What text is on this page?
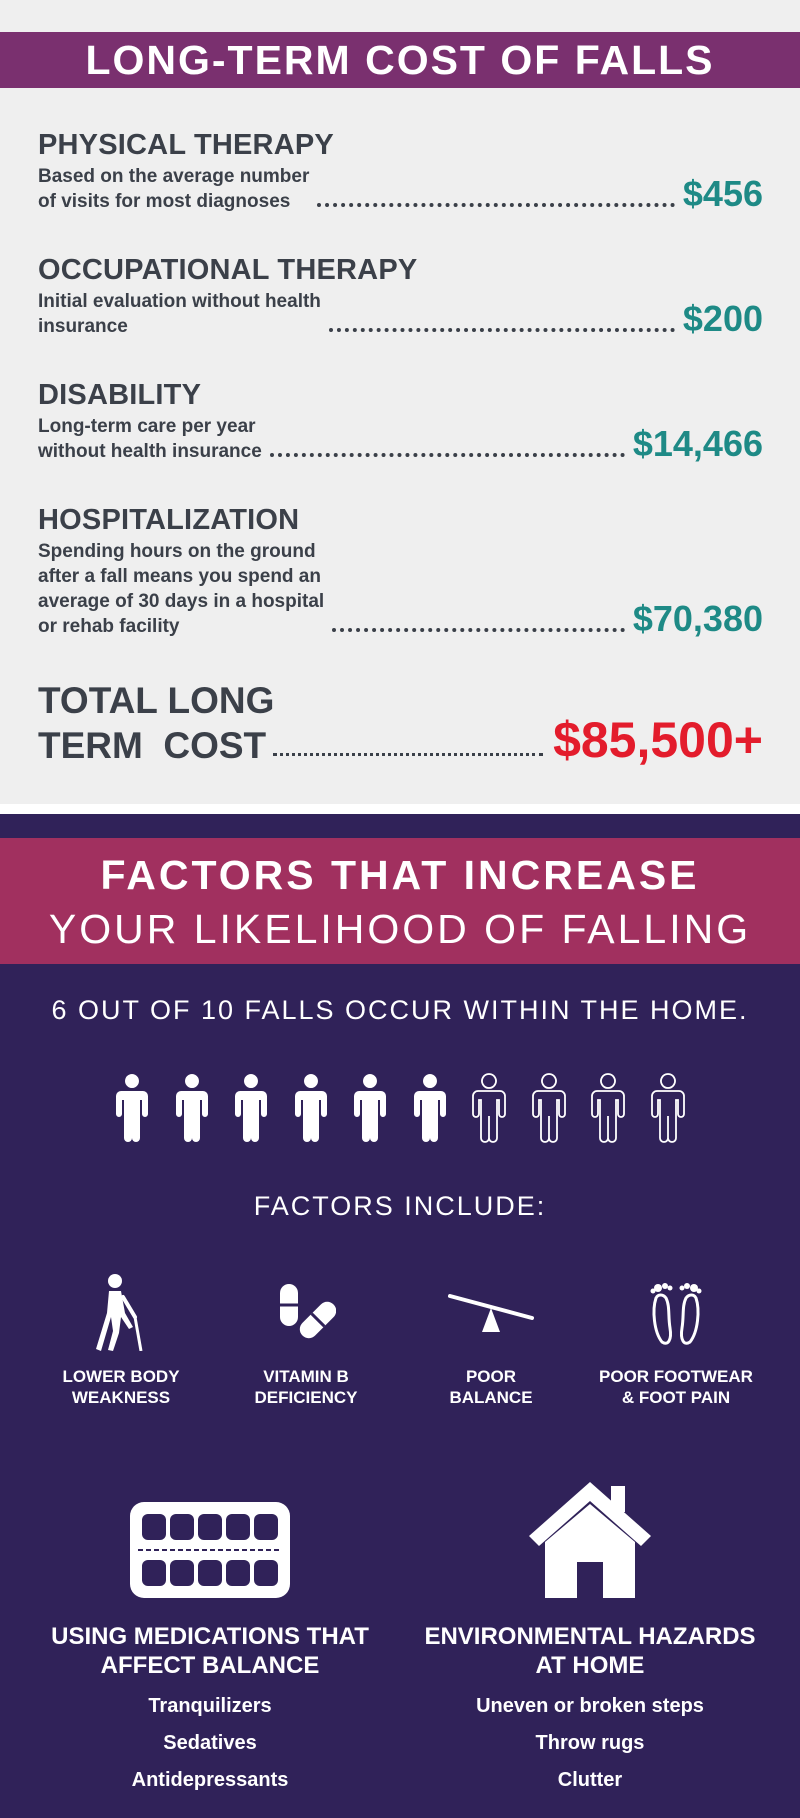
LONG-TERM COST OF FALLS
PHYSICAL THERAPY
Based on the average number
of visits for most diagnoses	$456
OCCUPATIONAL THERAPY
Initial evaluation without health
insurance	$200
DISABILITY
Long-term care per year
without health insurance	$14,466
HOSPITALIZATION
Spending hours on the ground
after a fall means you spend an
average of 30 days in a hospital
or rehab facility	$70,380
TOTAL LONG
TERM  COST	$85,500+
FACTORS THAT INCREASE
YOUR LIKELIHOOD OF FALLING
6 OUT OF 10 FALLS OCCUR WITHIN THE HOME.
FACTORS INCLUDE:
LOWER BODY
WEAKNESS
VITAMIN B
DEFICIENCY
POOR
BALANCE
POOR FOOTWEAR
& FOOT PAIN
USING MEDICATIONS THAT
AFFECT BALANCE
Tranquilizers
Sedatives
Antidepressants
ENVIRONMENTAL HAZARDS
AT HOME
Uneven or broken steps
Throw rugs
Clutter
